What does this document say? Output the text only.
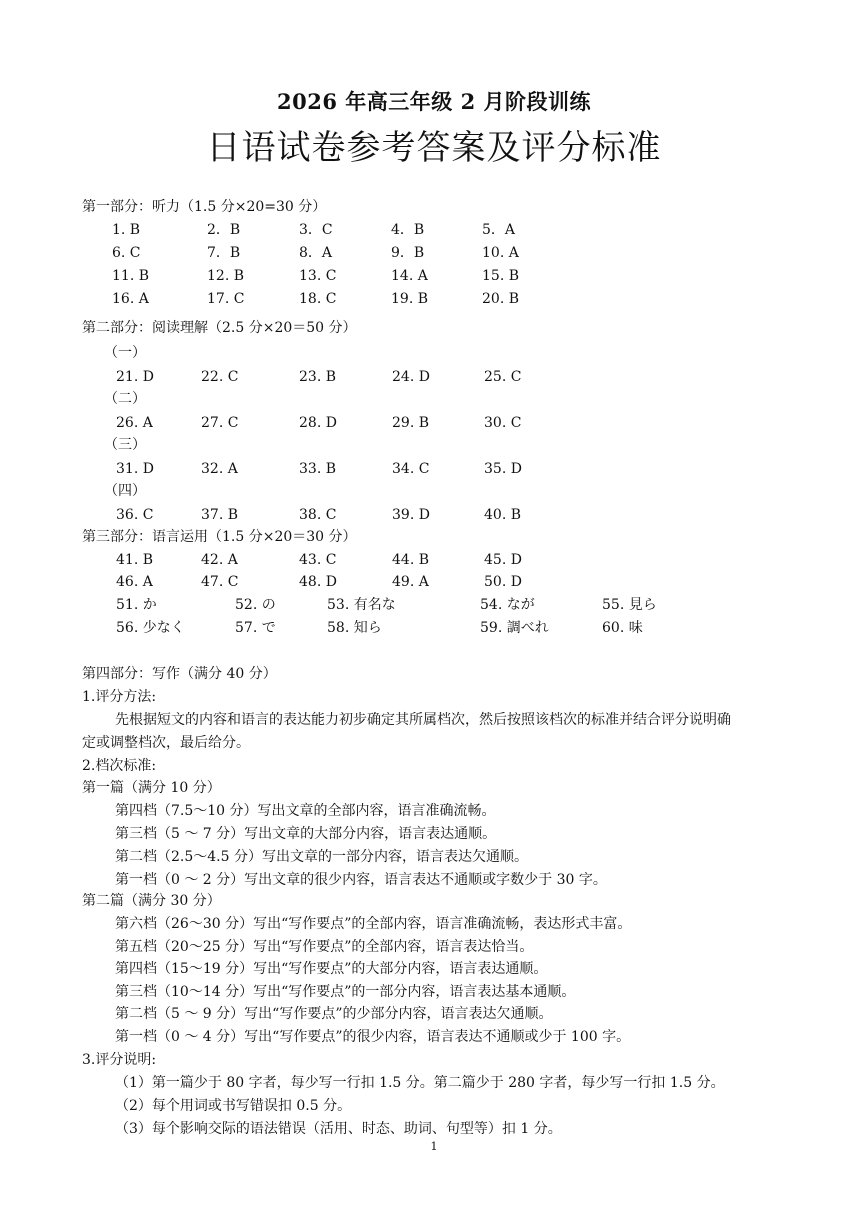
2026 年高三年级 2 月阶段训练
日语试卷参考答案及评分标准
第一部分：听力（1.5 分×20=30 分）
1. B	2．B	3．C	4．B	5．A
6. C	7．B	8．A	9．B	10. A
11. B	12. B	13. C	14. A	15. B
16. A	17. C	18. C	19. B	20. B
第二部分：阅读理解（2.5 分×20＝50 分）
（一）
21. D	22. C	23. B	24. D	25. C
（二）
26. A	27. C	28. D	29. B	30. C
（三）
31. D	32. A	33. B	34. C	35. D
（四）
36. C	37. B	38. C	39. D	40. B
第三部分：语言运用（1.5 分×20＝30 分）
41. B	42. A	43. C	44. B	45. D
46. A	47. C	48. D	49. A	50. D
51. か	52. の	53. 有名な	54. なが	55. 見ら
56. 少なく	57. で	58. 知ら	59. 調べれ	60. 味
第四部分：写作（满分 40 分）
1.评分方法:
先根据短文的内容和语言的表达能力初步确定其所属档次，然后按照该档次的标准并结合评分说明确
定或调整档次，最后给分。
2.档次标准:
第一篇（满分 10 分）
第四档（7.5～10 分）写出文章的全部内容，语言准确流畅。
第三档（5 ～ 7 分）写出文章的大部分内容，语言表达通顺。
第二档（2.5～4.5 分）写出文章的一部分内容，语言表达欠通顺。
第一档（0 ～ 2 分）写出文章的很少内容，语言表达不通顺或字数少于 30 字。
第二篇（满分 30 分）
第六档（26～30 分）写出“写作要点”的全部内容，语言准确流畅，表达形式丰富。
第五档（20～25 分）写出“写作要点”的全部内容，语言表达恰当。
第四档（15～19 分）写出“写作要点”的大部分内容，语言表达通顺。
第三档（10～14 分）写出“写作要点”的一部分内容，语言表达基本通顺。
第二档（5 ～ 9 分）写出“写作要点”的少部分内容，语言表达欠通顺。
第一档（0 ～ 4 分）写出“写作要点”的很少内容，语言表达不通顺或少于 100 字。
3.评分说明:
（1）第一篇少于 80 字者，每少写一行扣 1.5 分。第二篇少于 280 字者，每少写一行扣 1.5 分。
（2）每个用词或书写错误扣 0.5 分。
（3）每个影响交际的语法错误（活用、时态、助词、句型等）扣 1 分。
1
